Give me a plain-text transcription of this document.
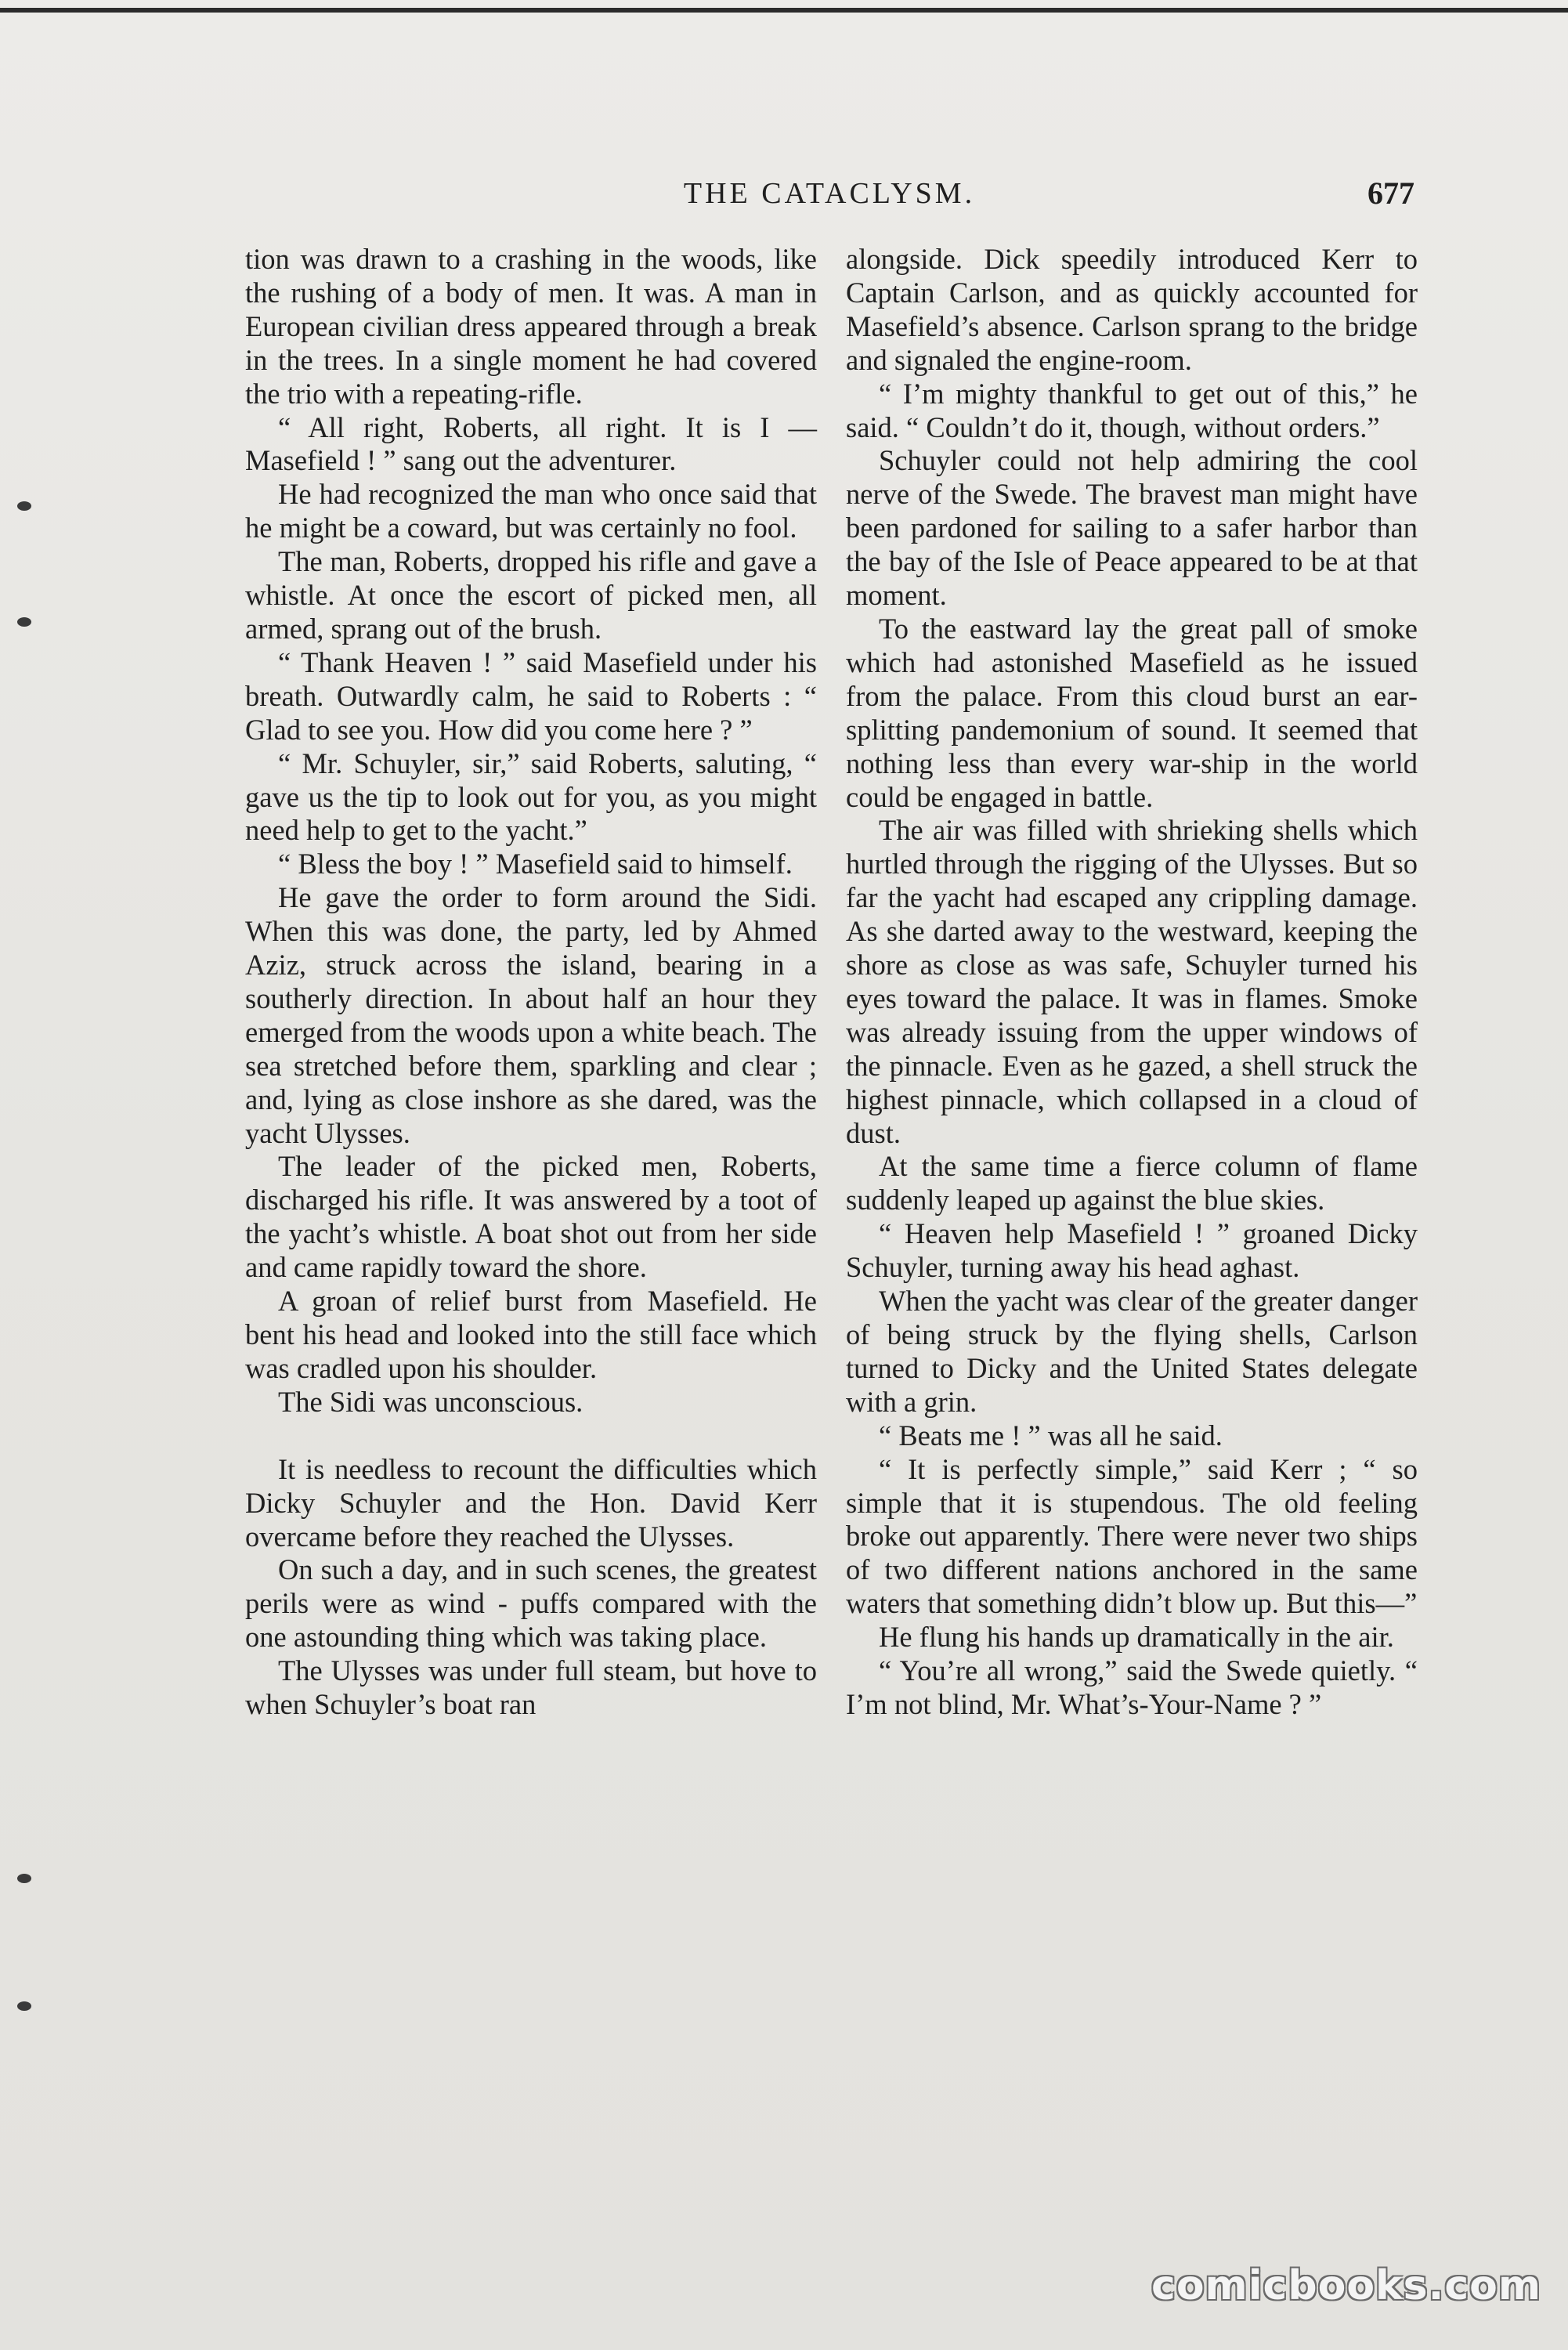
THE CATACLYSM.	677

tion was drawn to a crashing in the woods, like the rushing of a body of men. It was. A man in European civilian dress appeared through a break in the trees. In a single moment he had covered the trio with a repeating-rifle.

“ All right, Roberts, all right. It is I — Masefield ! ” sang out the adventurer.

He had recognized the man who once said that he might be a coward, but was certainly no fool.

The man, Roberts, dropped his rifle and gave a whistle. At once the escort of picked men, all armed, sprang out of the brush.

“ Thank Heaven ! ” said Masefield under his breath. Outwardly calm, he said to Roberts : “ Glad to see you. How did you come here ? ”

“ Mr. Schuyler, sir,” said Roberts, saluting, “ gave us the tip to look out for you, as you might need help to get to the yacht.”

“ Bless the boy ! ” Masefield said to himself.

He gave the order to form around the Sidi. When this was done, the party, led by Ahmed Aziz, struck across the island, bearing in a southerly direction. In about half an hour they emerged from the woods upon a white beach. The sea stretched before them, sparkling and clear ; and, lying as close inshore as she dared, was the yacht Ulysses.

The leader of the picked men, Roberts, discharged his rifle. It was answered by a toot of the yacht’s whistle. A boat shot out from her side and came rapidly toward the shore.

A groan of relief burst from Masefield. He bent his head and looked into the still face which was cradled upon his shoulder.

The Sidi was unconscious.

It is needless to recount the difficulties which Dicky Schuyler and the Hon. David Kerr overcame before they reached the Ulysses.

On such a day, and in such scenes, the greatest perils were as wind - puffs compared with the one astounding thing which was taking place.

The Ulysses was under full steam, but hove to when Schuyler’s boat ran

alongside. Dick speedily introduced Kerr to Captain Carlson, and as quickly accounted for Masefield’s absence. Carlson sprang to the bridge and signaled the engine-room.

“ I’m mighty thankful to get out of this,” he said. “ Couldn’t do it, though, without orders.”

Schuyler could not help admiring the cool nerve of the Swede. The bravest man might have been pardoned for sailing to a safer harbor than the bay of the Isle of Peace appeared to be at that moment.

To the eastward lay the great pall of smoke which had astonished Masefield as he issued from the palace. From this cloud burst an ear-splitting pandemonium of sound. It seemed that nothing less than every war-ship in the world could be engaged in battle.

The air was filled with shrieking shells which hurtled through the rigging of the Ulysses. But so far the yacht had escaped any crippling damage. As she darted away to the westward, keeping the shore as close as was safe, Schuyler turned his eyes toward the palace. It was in flames. Smoke was already issuing from the upper windows of the pinnacle. Even as he gazed, a shell struck the highest pinnacle, which collapsed in a cloud of dust.

At the same time a fierce column of flame suddenly leaped up against the blue skies.

“ Heaven help Masefield ! ” groaned Dicky Schuyler, turning away his head aghast.

When the yacht was clear of the greater danger of being struck by the flying shells, Carlson turned to Dicky and the United States delegate with a grin.

“ Beats me ! ” was all he said.

“ It is perfectly simple,” said Kerr ; “ so simple that it is stupendous. The old feeling broke out apparently. There were never two ships of two different nations anchored in the same waters that something didn’t blow up. But this—”

He flung his hands up dramatically in the air.

“ You’re all wrong,” said the Swede quietly. “ I’m not blind, Mr. What’s-Your-Name ? ”

comicbooks.com
